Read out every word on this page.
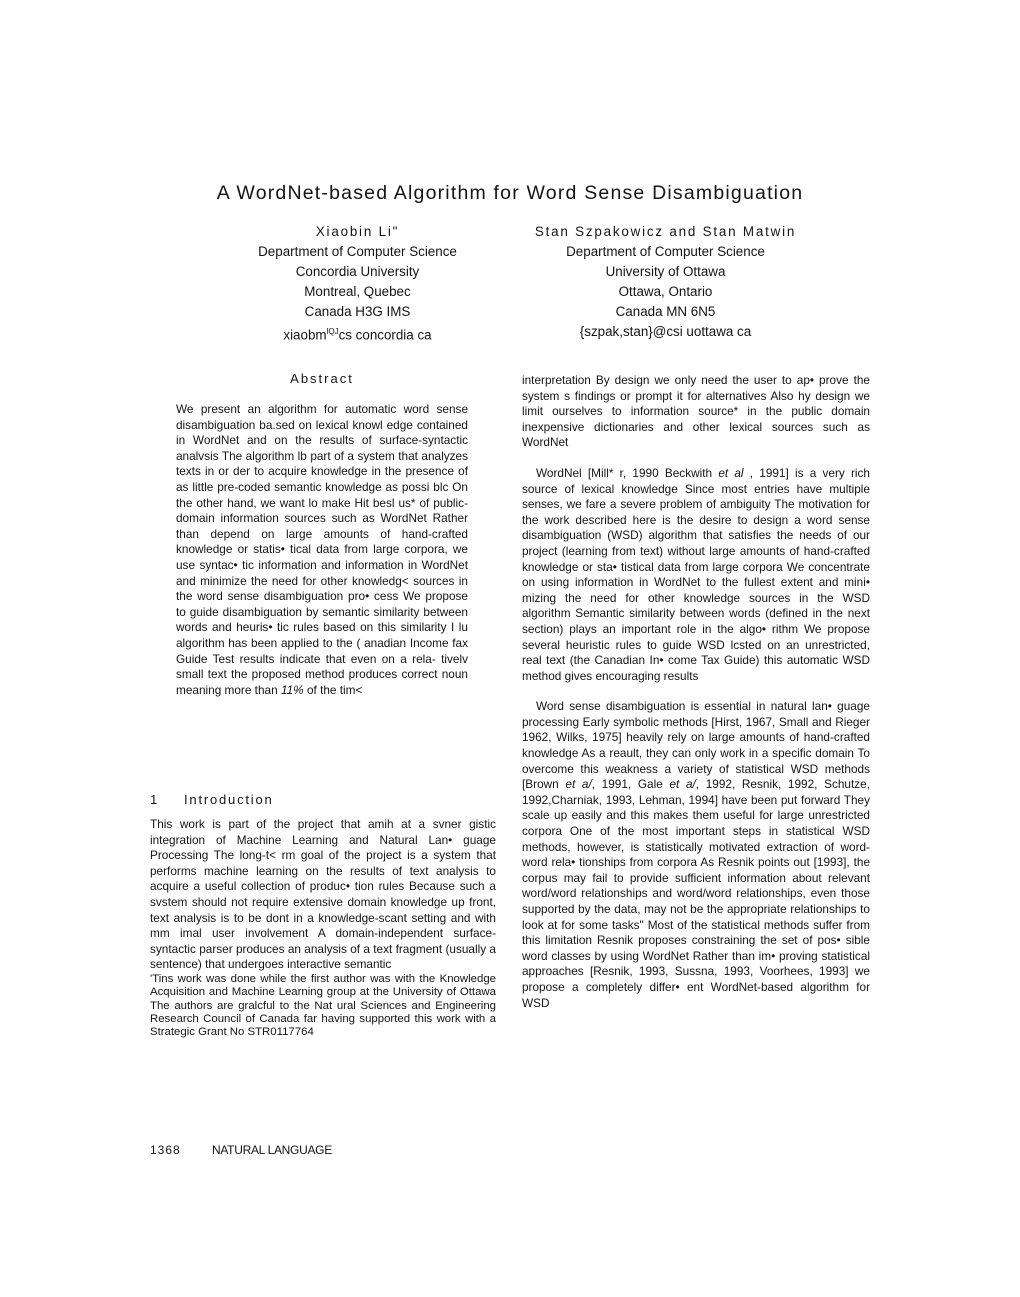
A WordNet-based Algorithm for Word Sense Disambiguation
Xiaobin Li"
Department of Computer Science
Concordia University
Montreal, Quebec
Canada H3G IMS
xiaobm$^{lQJ}$cs concordia ca
Stan Szpakowicz and Stan Matwin
Department of Computer Science
University of Ottawa
Ottawa, Ontario
Canada MN 6N5
{szpak,stan}@csi uottawa ca
Abstract

We present an algorithm for automatic word sense disambiguation ba.sed on lexical knowl edge contained in WordNet and on the results of surface-syntactic analvsis The algorithm lb part of a system that analyzes texts in or der to acquire knowledge in the presence of as little pre-coded semantic knowledge as possi blc On the other hand, we want lo make Hit besl us* of public-domain information sources such as WordNet Rather than depend on large amounts of hand-crafted knowledge or statis• tical data from large corpora, we use syntac• tic information and information in WordNet and minimize the need for other knowledg< sources in the word sense disambiguation pro• cess We propose to guide disambiguation by semantic similarity between words and heuris• tic rules based on this similarity I lu algorithm has been applied to the ( anadian Income fax Guide Test results indicate that even on a rela- tivelv small text the proposed method produces correct noun meaning more than 11% of the tim<

1 Introduction

This work is part of the project that amih at a svner gistic integration of Machine Learning and Natural Lan• guage Processing The long-t< rm goal of the project is a system that performs machine learning on the results of text analysis to acquire a useful collection of produc• tion rules Because such a svstem should not require extensive domain knowledge up front, text analysis is to be dont in a knowledge-scant setting and with mm imal user involvement A domain-independent surface- syntactic parser produces an analysis of a text fragment (usually a sentence) that undergoes interactive semantic

'Tins work was done while the first author was with the Knowledge Acquisition and Machine Learning group at the University of Ottawa The authors are gralcful to the Nat ural Sciences and Engineering Research Council of Canada far having supported this work with a Strategic Grant No STR0117764

interpretation By design we only need the user to ap• prove the system s findings or prompt it for alternatives Also hy design we limit ourselves to information source* in the public domain inexpensive dictionaries and other lexical sources such as WordNet

WordNel [Mill* r, 1990 Beckwith et al , 1991] is a very rich source of lexical knowledge Since most entries have multiple senses, we fare a severe problem of ambiguity The motivation for the work described here is the desire to design a word sense disambiguation (WSD) algorithm that satisfies the needs of our project (learning from text) without large amounts of hand-crafted knowledge or sta• tistical data from large corpora We concentrate on using information in WordNet to the fullest extent and mini• mizing the need for other knowledge sources in the WSD algorithm Semantic similarity between words (defined in the next section) plays an important role in the algo• rithm We propose several heuristic rules to guide WSD lcsted on an unrestricted, real text (the Canadian In• come Tax Guide) this automatic WSD method gives encouraging results

Word sense disambiguation is essential in natural lan• guage processing Early symbolic methods [Hirst, 1967, Small and Rieger 1962, Wilks, 1975] heavily rely on large amounts of hand-crafted knowledge As a reault, they can only work in a specific domain To overcome this weakness a variety of statistical WSD methods [Brown et a/, 1991, Gale et a/, 1992, Resnik, 1992, Schutze, 1992,Charniak, 1993, Lehman, 1994] have been put forward They scale up easily and this makes them useful for large unrestricted corpora One of the most important steps in statistical WSD methods, however, is statistically motivated extraction of word-word rela• tionships from corpora As Resnik points out [1993], the corpus may fail to provide sufficient information about relevant word/word relationships and word/word relationships, even those supported by the data, may not be the appropriate relationships to look at for some tasks" Most of the statistical methods suffer from this limitation Resnik proposes constraining the set of pos• sible word classes by using WordNet Rather than im• proving statistical approaches [Resnik, 1993, Sussna, 1993, Voorhees, 1993] we propose a completely differ• ent WordNet-based algorithm for WSD

1368	NATURAL LANGUAGE
